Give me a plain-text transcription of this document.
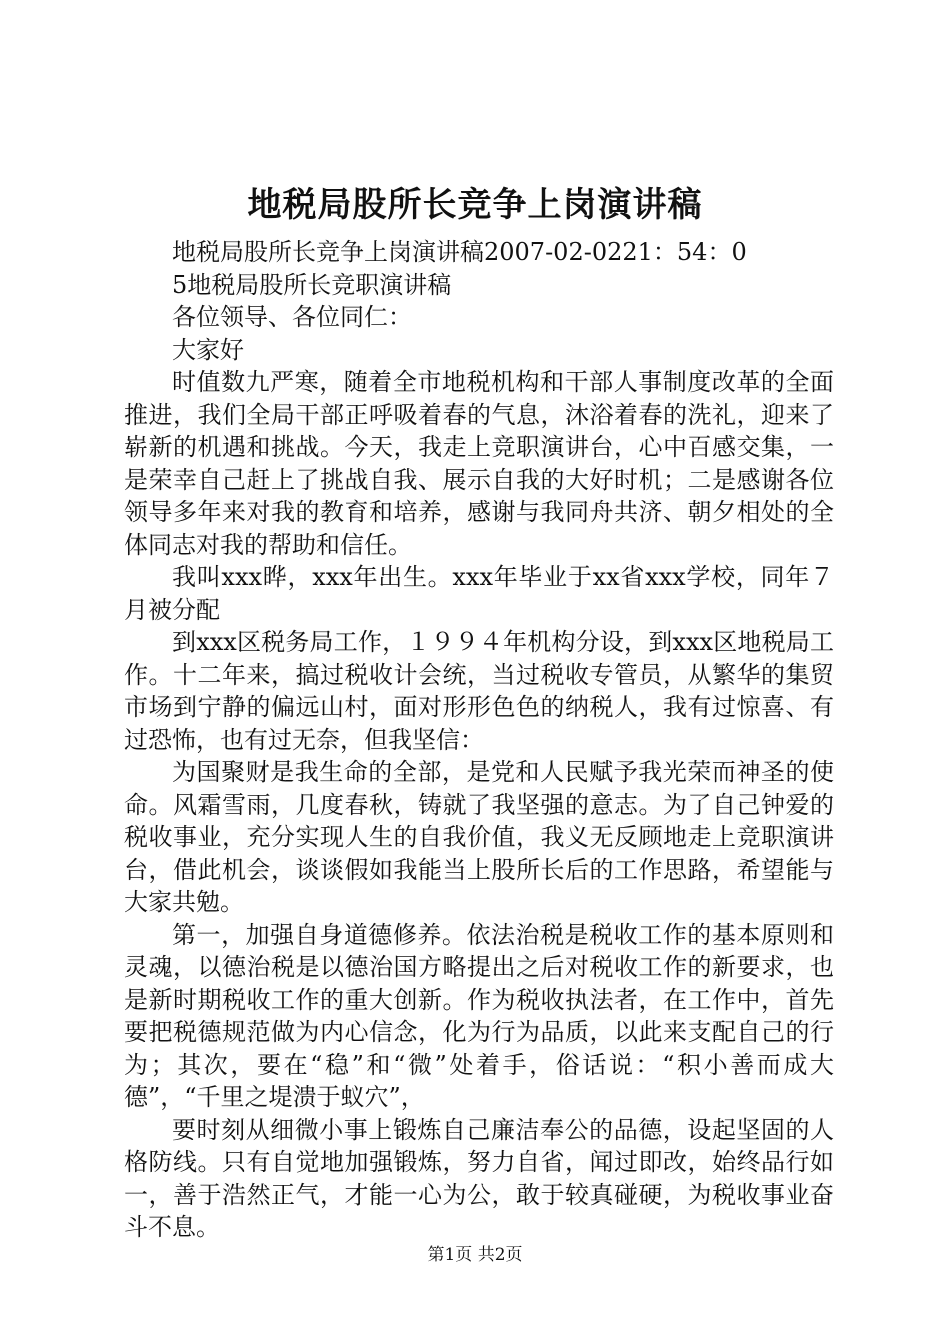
地税局股所长竞争上岗演讲稿

地税局股所长竞争上岗演讲稿2007-02-0221：54：0

5地税局股所长竞职演讲稿

各位领导、各位同仁：

大家好

时值数九严寒，随着全市地税机构和干部人事制度改革的全面推进，我们全局干部正呼吸着春的气息，沐浴着春的洗礼，迎来了崭新的机遇和挑战。今天，我走上竞职演讲台，心中百感交集，一是荣幸自己赶上了挑战自我、展示自我的大好时机；二是感谢各位领导多年来对我的教育和培养，感谢与我同舟共济、朝夕相处的全体同志对我的帮助和信任。

我叫xxx晔，xxx年出生。xxx年毕业于xx省xxx学校，同年７月被分配

到xxx区税务局工作，１９９４年机构分设，到xxx区地税局工作。十二年来，搞过税收计会统，当过税收专管员，从繁华的集贸市场到宁静的偏远山村，面对形形色色的纳税人，我有过惊喜、有过恐怖，也有过无奈，但我坚信：

为国聚财是我生命的全部，是党和人民赋予我光荣而神圣的使命。风霜雪雨，几度春秋，铸就了我坚强的意志。为了自己钟爱的税收事业，充分实现人生的自我价值，我义无反顾地走上竞职演讲台，借此机会，谈谈假如我能当上股所长后的工作思路，希望能与大家共勉。

第一，加强自身道德修养。依法治税是税收工作的基本原则和灵魂，以德治税是以德治国方略提出之后对税收工作的新要求，也是新时期税收工作的重大创新。作为税收执法者，在工作中，首先要把税德规范做为内心信念，化为行为品质，以此来支配自己的行为；其次，要在“稳”和“微”处着手，俗话说：“积小善而成大德”，“千里之堤溃于蚁穴”，

要时刻从细微小事上锻炼自己廉洁奉公的品德，设起坚固的人格防线。只有自觉地加强锻炼，努力自省，闻过即改，始终品行如一，善于浩然正气，才能一心为公，敢于较真碰硬，为税收事业奋斗不息。

第1页 共2页
